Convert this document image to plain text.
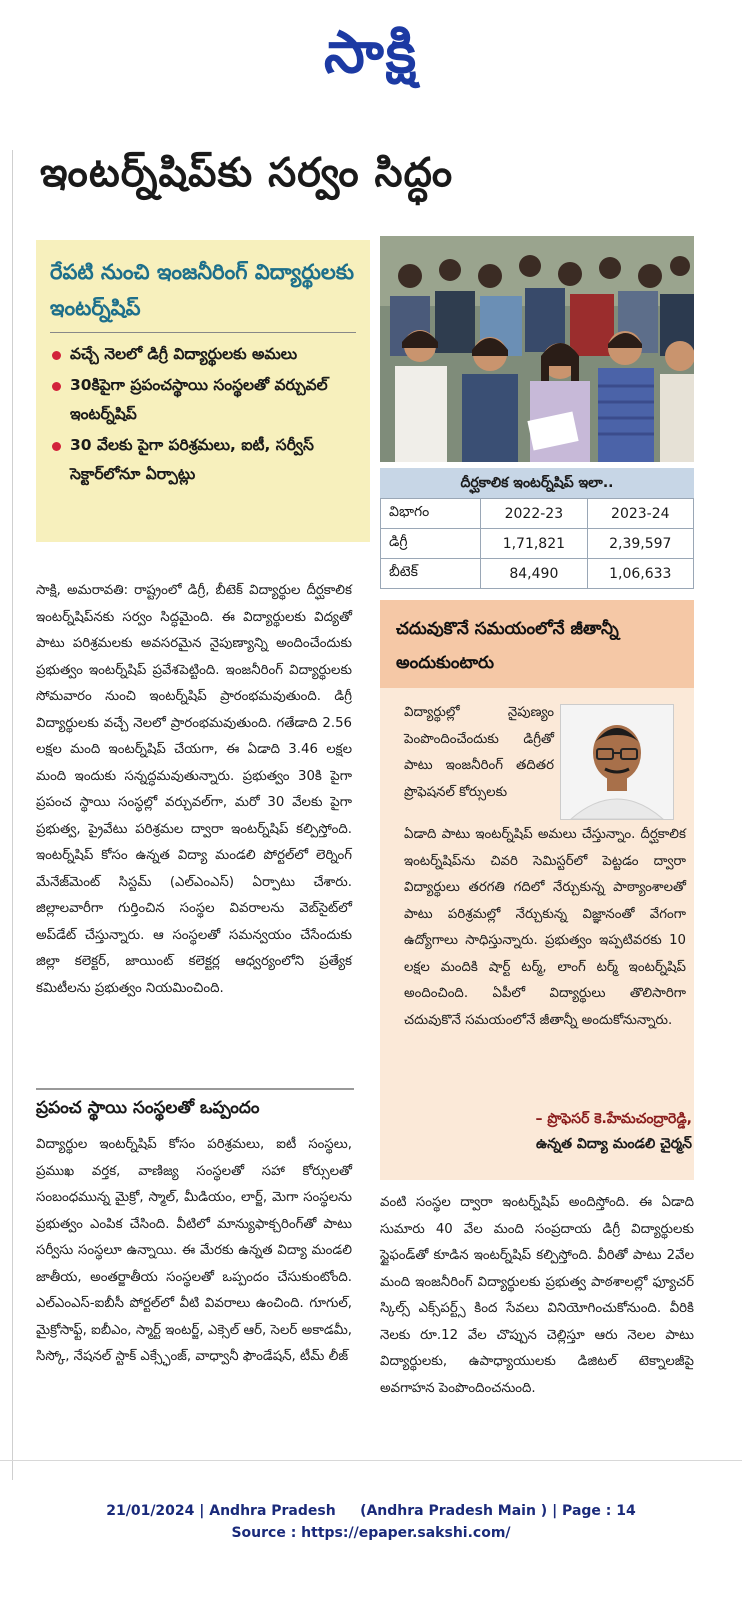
సాక్షి
ఇంటర్న్‌షిప్‌కు సర్వం సిద్ధం
రేపటి నుంచి ఇంజనీరింగ్ విద్యార్థులకు ఇంటర్న్‌షిప్
వచ్చే నెలలో డిగ్రీ విద్యార్థులకు అమలు
30కిపైగా ప్రపంచస్థాయి సంస్థలతో వర్చువల్ ఇంటర్న్‌షిప్
30 వేలకు పైగా పరిశ్రమలు, ఐటీ, సర్వీస్ సెక్టార్‌లోనూ ఏర్పాట్లు	దీర్ఘకాలిక ఇంటర్న్‌షిప్ ఇలా..
విభాగం	2022-23	2023-24
డిగ్రీ	1,71,821	2,39,597
బీటెక్	84,490	1,06,633
సాక్షి, అమరావతి: రాష్ట్రంలో డిగ్రీ, బీటెక్ విద్యార్థుల దీర్ఘకాలిక ఇంటర్న్‌షిప్‌నకు సర్వం సిద్ధమైంది. ఈ విద్యార్థులకు విద్యతో పాటు పరిశ్రమలకు అవసరమైన నైపుణ్యాన్ని అందించేందుకు ప్రభుత్వం ఇంటర్న్‌షిప్ ప్రవేశపెట్టింది. ఇంజనీరింగ్ విద్యార్థులకు సోమవారం నుంచి ఇంటర్న్‌షిప్ ప్రారంభమవుతుంది. డిగ్రీ విద్యార్థులకు వచ్చే నెలలో ప్రారంభమవుతుంది. గతేడాది 2.56 లక్షల మంది ఇంటర్న్‌షిప్ చేయగా, ఈ ఏడాది 3.46 లక్షల మంది ఇందుకు సన్నద్ధమవుతున్నారు. ప్రభుత్వం 30కి పైగా ప్రపంచ స్థాయి సంస్థల్లో వర్చువల్‌గా, మరో 30 వేలకు పైగా ప్రభుత్వ, ప్రైవేటు పరిశ్రమల ద్వారా ఇంటర్న్‌షిప్ కల్పిస్తోంది. ఇంటర్న్‌షిప్ కోసం ఉన్నత విద్యా మండలి పోర్టల్‌లో లెర్నింగ్ మేనేజ్‌మెంట్ సిస్టమ్ (ఎల్‌ఎంఎస్) ఏర్పాటు చేశారు. జిల్లాలవారీగా గుర్తించిన సంస్థల వివరాలను వెబ్‌సైట్‌లో అప్‌డేట్ చేస్తున్నారు. ఆ సంస్థలతో సమన్వయం చేసేందుకు జిల్లా కలెక్టర్, జాయింట్ కలెక్టర్ల ఆధ్వర్యంలోని ప్రత్యేక కమిటీలను ప్రభుత్వం నియమించింది.
ప్రపంచ స్థాయి సంస్థలతో ఒప్పందం
విద్యార్థుల ఇంటర్న్‌షిప్ కోసం పరిశ్రమలు, ఐటీ సంస్థలు, ప్రముఖ వర్తక, వాణిజ్య సంస్థలతో సహా కోర్సులతో సంబంధమున్న మైక్రో, స్మాల్, మీడియం, లార్జ్, మెగా సంస్థలను ప్రభుత్వం ఎంపిక చేసింది. వీటిలో మాన్యుఫాక్చరింగ్‌తో పాటు సర్వీసు సంస్థలూ ఉన్నాయి. ఈ మేరకు ఉన్నత విద్యా మండలి జాతీయ, అంతర్జాతీయ సంస్థలతో ఒప్పందం చేసుకుంటోంది. ఎల్‌ఎంఎస్-ఐబీసీ పోర్టల్‌లో వీటి వివరాలు ఉంచింది. గూగుల్, మైక్రోసాఫ్ట్, ఐబీఎం, స్మార్ట్ ఇంటర్జ్, ఎక్సెల్ ఆర్, సెలర్ అకాడమీ, సిస్కో, నేషనల్ స్టాక్ ఎక్స్ఛేంజ్, వాధ్వానీ ఫౌండేషన్, టీమ్ లీజ్
చదువుకొనే సమయంలోనే జీతాన్నీ అందుకుంటారు
విద్యార్థుల్లో నైపుణ్యం పెంపొందించేందుకు డిగ్రీతో పాటు ఇంజనీరింగ్ తదితర ప్రొఫెషనల్ కోర్సులకు
ఏడాది పాటు ఇంటర్న్‌షిప్ అమలు చేస్తున్నాం. దీర్ఘకాలిక ఇంటర్న్‌షిప్‌ను చివరి సెమిస్టర్‌లో పెట్టడం ద్వారా విద్యార్థులు తరగతి గదిలో నేర్చుకున్న పాఠ్యాంశాలతో పాటు పరిశ్రమల్లో నేర్చుకున్న విజ్ఞానంతో వేగంగా ఉద్యోగాలు సాధిస్తున్నారు. ప్రభుత్వం ఇప్పటివరకు 10 లక్షల మందికి షార్ట్ టర్మ్, లాంగ్ టర్మ్ ఇంటర్న్‌షిప్ అందించింది. ఏపీలో విద్యార్థులు తొలిసారిగా చదువుకొనే సమయంలోనే జీతాన్నీ అందుకోనున్నారు.
– ప్రొఫెసర్ కె.హేమచంద్రారెడ్డి,
ఉన్నత విద్యా మండలి చైర్మన్
వంటి సంస్థల ద్వారా ఇంటర్న్‌షిప్ అందిస్తోంది. ఈ ఏడాది సుమారు 40 వేల మంది సంప్రదాయ డిగ్రీ విద్యార్థులకు స్టైఫండ్‌తో కూడిన ఇంటర్న్‌షిప్ కల్పిస్తోంది. వీరితో పాటు 2వేల మంది ఇంజనీరింగ్ విద్యార్థులకు ప్రభుత్వ పాఠశాలల్లో ఫ్యూచర్ స్కిల్స్ ఎక్స్‌పర్ట్స్ కింద సేవలు వినియోగించుకోనుంది. వీరికి నెలకు రూ.12 వేల చొప్పున చెల్లిస్తూ ఆరు నెలల పాటు విద్యార్థులకు, ఉపాధ్యాయులకు డిజిటల్ టెక్నాలజీపై అవగాహన పెంపొందించనుంది.
21/01/2024 | Andhra Pradesh     (Andhra Pradesh Main ) | Page : 14
Source : https://epaper.sakshi.com/
